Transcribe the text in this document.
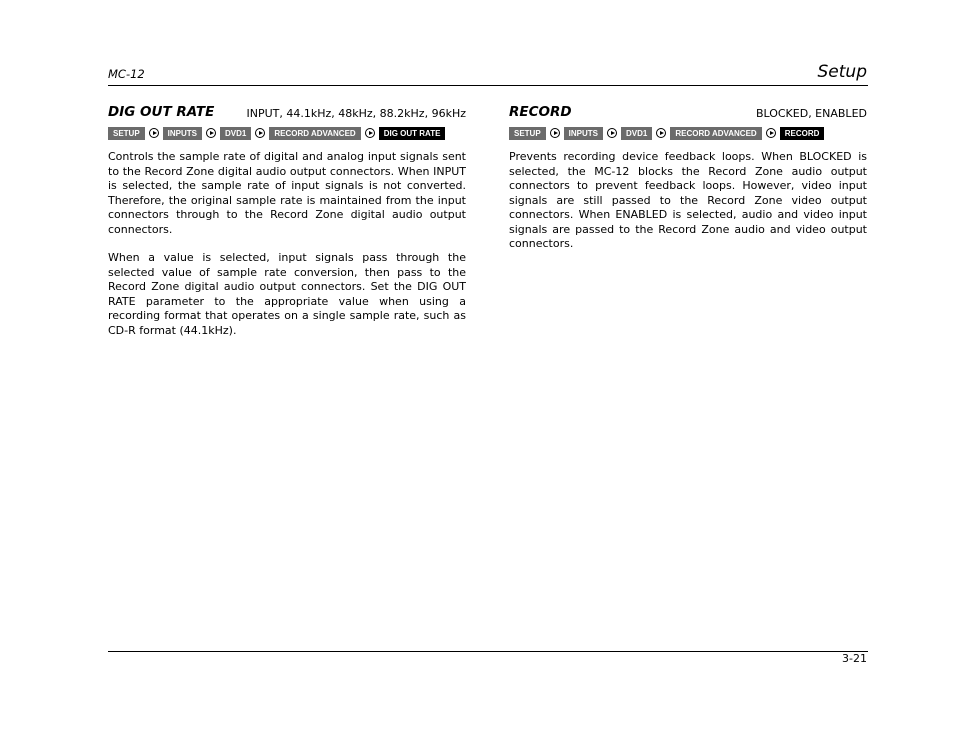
MC-12	Setup
DIG OUT RATE	INPUT, 44.1kHz, 48kHz, 88.2kHz, 96kHz
SETUP	INPUTS	DVD1	RECORD ADVANCED	DIG OUT RATE

Controls the sample rate of digital and analog input signals sent to the Record Zone digital audio output connectors. When INPUT is selected, the sample rate of input signals is not converted. Therefore, the original sample rate is maintained from the input connectors through to the Record Zone digital audio output connectors.

When a value is selected, input signals pass through the selected value of sample rate conversion, then pass to the Record Zone digital audio output connectors. Set the DIG OUT RATE parameter to the appropriate value when using a recording format that operates on a single sample rate, such as CD-R format (44.1kHz).

RECORD	BLOCKED, ENABLED
SETUP	INPUTS	DVD1	RECORD ADVANCED	RECORD

Prevents recording device feedback loops. When BLOCKED is selected, the MC-12 blocks the Record Zone audio output connectors to prevent feedback loops. However, video input signals are still passed to the Record Zone video output connectors. When ENABLED is selected, audio and video input signals are passed to the Record Zone audio and video output connectors.

3-21
